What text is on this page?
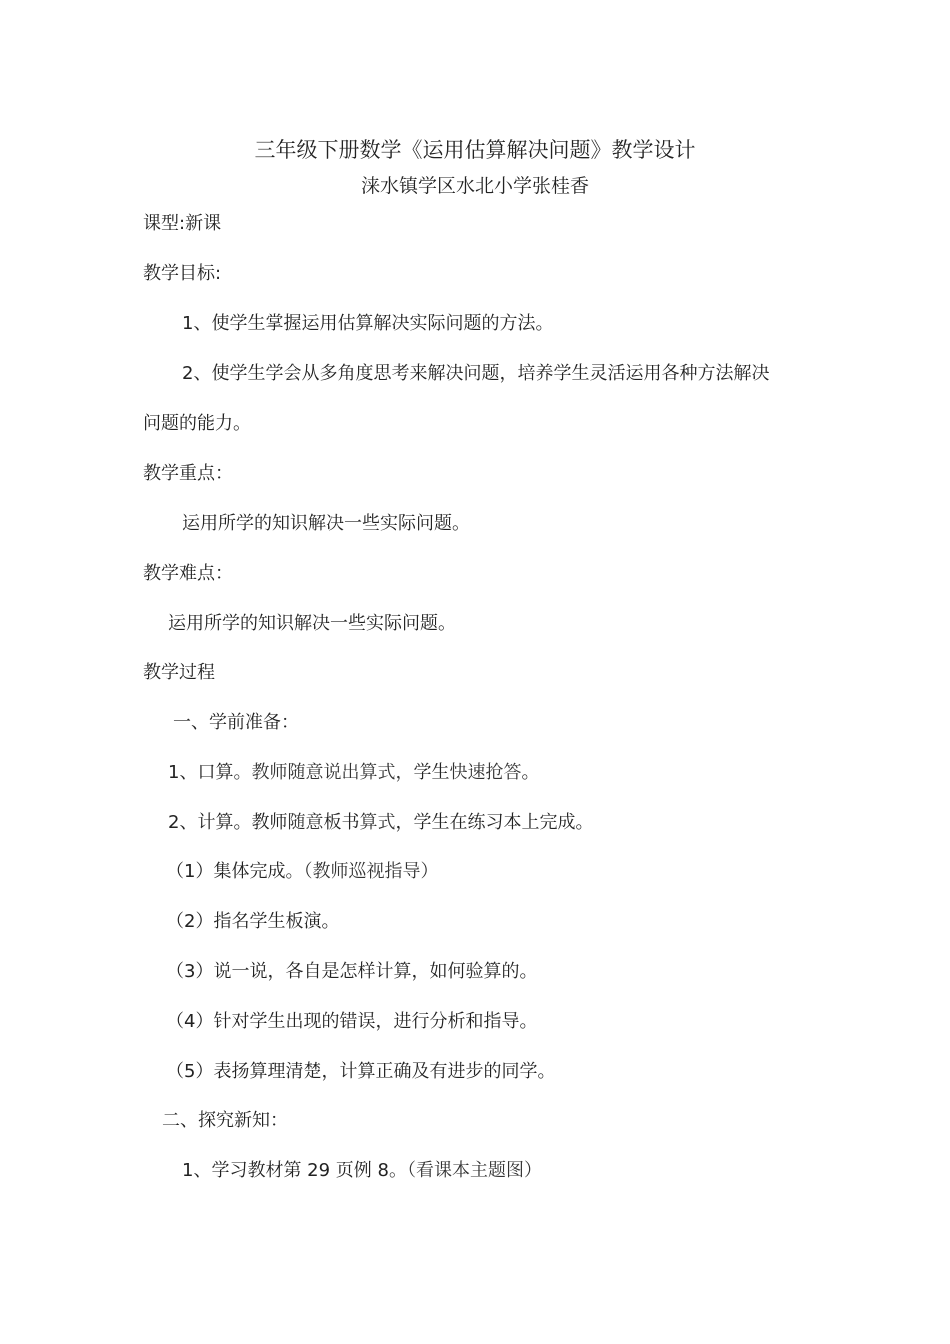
三年级下册数学《运用估算解决问题》教学设计
涞水镇学区水北小学张桂香
课型:新课
教学目标:
1、使学生掌握运用估算解决实际问题的方法。
2、使学生学会从多角度思考来解决问题，培养学生灵活运用各种方法解决
问题的能力。
教学重点：
运用所学的知识解决一些实际问题。
教学难点：
运用所学的知识解决一些实际问题。
教学过程
一、学前准备：
1、口算。教师随意说出算式，学生快速抢答。
2、计算。教师随意板书算式，学生在练习本上完成。
（1）集体完成。（教师巡视指导）
（2）指名学生板演。
（3）说一说，各自是怎样计算，如何验算的。
（4）针对学生出现的错误，进行分析和指导。
（5）表扬算理清楚，计算正确及有进步的同学。
二、探究新知：
1、学习教材第 29 页例 8。（看课本主题图）
